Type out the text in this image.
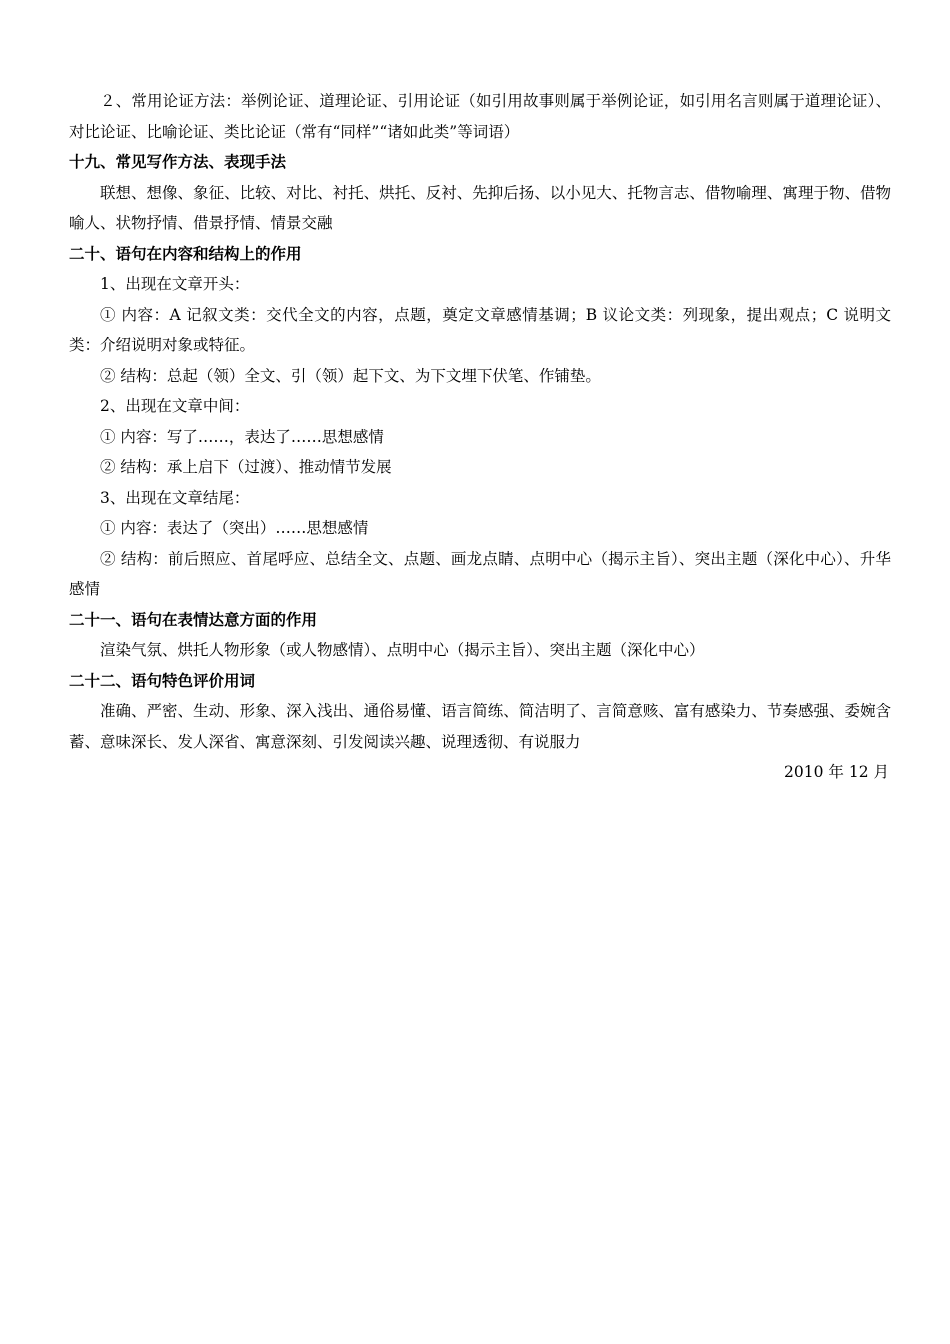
２、常用论证方法：举例论证、道理论证、引用论证（如引用故事则属于举例论证，如引用名言则属于道理论证）、对比论证、比喻论证、类比论证（常有“同样”“诸如此类”等词语）

十九、常见写作方法、表现手法

联想、想像、象征、比较、对比、衬托、烘托、反衬、先抑后扬、以小见大、托物言志、借物喻理、寓理于物、借物喻人、状物抒情、借景抒情、情景交融

二十、语句在内容和结构上的作用

1、出现在文章开头：

① 内容：A 记叙文类：交代全文的内容，点题，奠定文章感情基调；B 议论文类：列现象，提出观点；C 说明文类：介绍说明对象或特征。

② 结构：总起（领）全文、引（领）起下文、为下文埋下伏笔、作铺垫。

2、出现在文章中间：

① 内容：写了……，表达了……思想感情

② 结构：承上启下（过渡）、推动情节发展

3、出现在文章结尾：

① 内容：表达了（突出）……思想感情

② 结构：前后照应、首尾呼应、总结全文、点题、画龙点睛、点明中心（揭示主旨）、突出主题（深化中心）、升华感情

二十一、语句在表情达意方面的作用

渲染气氛、烘托人物形象（或人物感情）、点明中心（揭示主旨）、突出主题（深化中心）

二十二、语句特色评价用词

准确、严密、生动、形象、深入浅出、通俗易懂、语言简练、简洁明了、言简意赅、富有感染力、节奏感强、委婉含蓄、意味深长、发人深省、寓意深刻、引发阅读兴趣、说理透彻、有说服力

2010 年 12 月
